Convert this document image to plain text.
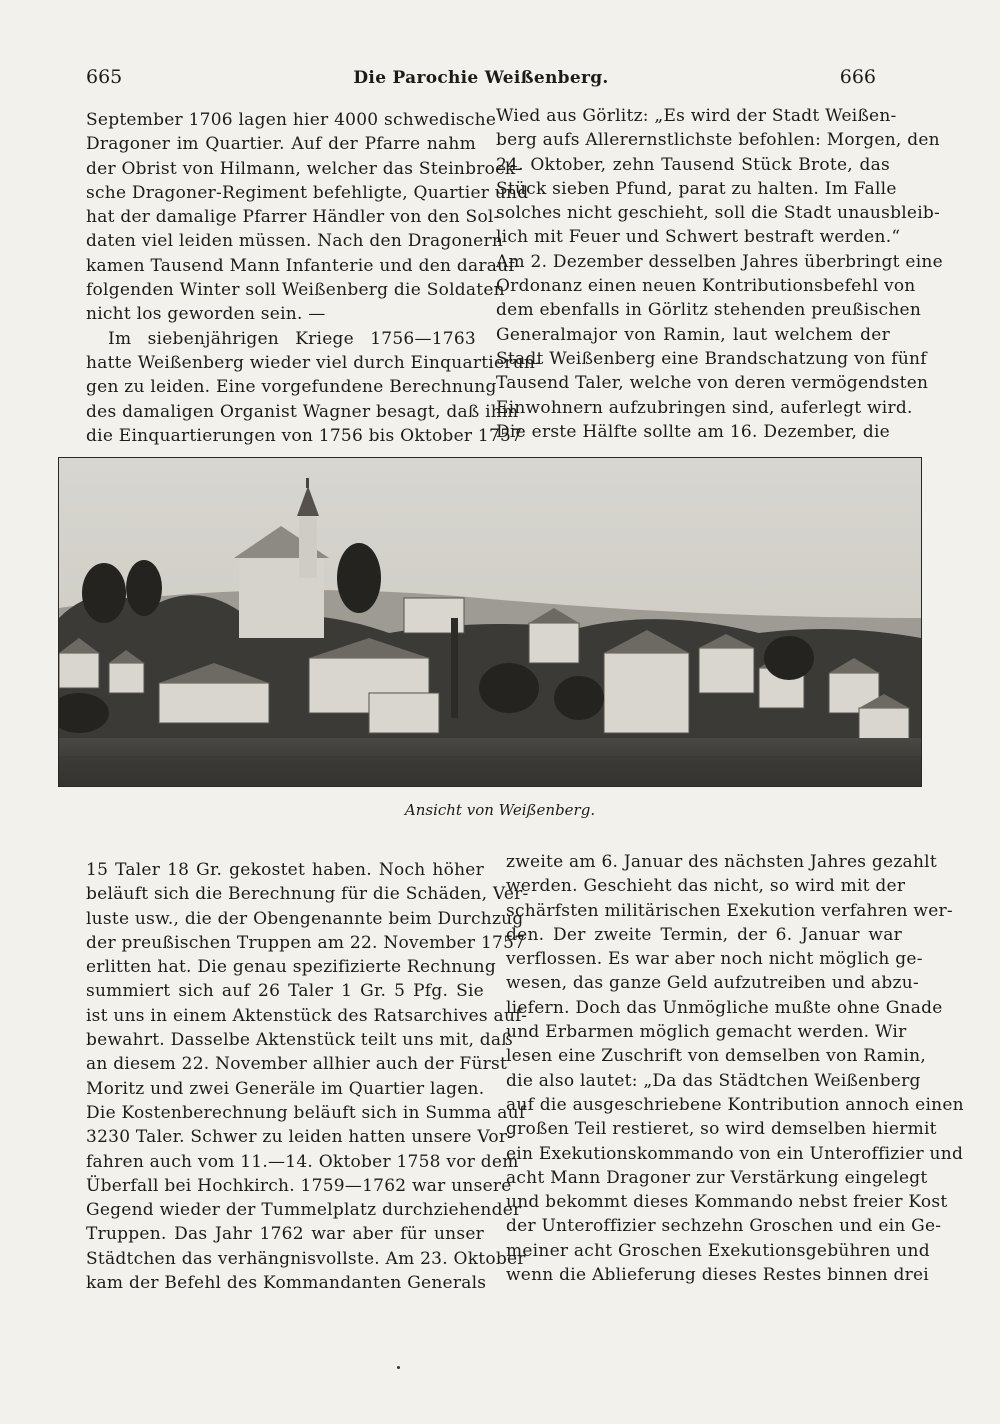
665	Die Parochie Weißenberg.	666

September 1706 lagen hier 4000 schwedische

Dragoner im Quartier. Auf der Pfarre nahm

der Obrist von Hilmann, welcher das Steinbrock-

sche Dragoner-Regiment befehligte, Quartier und

hat der damalige Pfarrer Händler von den Sol-

daten viel leiden müssen. Nach den Dragonern

kamen Tausend Mann Infanterie und den darauf-

folgenden Winter soll Weißenberg die Soldaten

nicht los geworden sein. —

Im siebenjährigen Kriege 1756—1763

hatte Weißenberg wieder viel durch Einquartierun-

gen zu leiden. Eine vorgefundene Berechnung

des damaligen Organist Wagner besagt, daß ihm

die Einquartierungen von 1756 bis Oktober 1757

Wied aus Görlitz: „Es wird der Stadt Weißen-

berg aufs Allerernstlichste befohlen: Morgen, den

24. Oktober, zehn Tausend Stück Brote, das

Stück sieben Pfund, parat zu halten. Im Falle

solches nicht geschieht, soll die Stadt unausbleib-

lich mit Feuer und Schwert bestraft werden.“

Am 2. Dezember desselben Jahres überbringt eine

Ordonanz einen neuen Kontributionsbefehl von

dem ebenfalls in Görlitz stehenden preußischen

Generalmajor von Ramin, laut welchem der

Stadt Weißenberg eine Brandschatzung von fünf

Tausend Taler, welche von deren vermögendsten

Einwohnern aufzubringen sind, auferlegt wird.

Die erste Hälfte sollte am 16. Dezember, die

Ansicht von Weißenberg.

15 Taler 18 Gr. gekostet haben. Noch höher

beläuft sich die Berechnung für die Schäden, Ver-

luste usw., die der Obengenannte beim Durchzug

der preußischen Truppen am 22. November 1757

erlitten hat. Die genau spezifizierte Rechnung

summiert sich auf 26 Taler 1 Gr. 5 Pfg. Sie

ist uns in einem Aktenstück des Ratsarchives auf-

bewahrt. Dasselbe Aktenstück teilt uns mit, daß

an diesem 22. November allhier auch der Fürst

Moritz und zwei Generäle im Quartier lagen.

Die Kostenberechnung beläuft sich in Summa auf

3230 Taler. Schwer zu leiden hatten unsere Vor-

fahren auch vom 11.—14. Oktober 1758 vor dem

Überfall bei Hochkirch. 1759—1762 war unsere

Gegend wieder der Tummelplatz durchziehender

Truppen. Das Jahr 1762 war aber für unser

Städtchen das verhängnisvollste. Am 23. Oktober

kam der Befehl des Kommandanten Generals

zweite am 6. Januar des nächsten Jahres gezahlt

werden. Geschieht das nicht, so wird mit der

schärfsten militärischen Exekution verfahren wer-

den. Der zweite Termin, der 6. Januar war

verflossen. Es war aber noch nicht möglich ge-

wesen, das ganze Geld aufzutreiben und abzu-

liefern. Doch das Unmögliche mußte ohne Gnade

und Erbarmen möglich gemacht werden. Wir

lesen eine Zuschrift von demselben von Ramin,

die also lautet: „Da das Städtchen Weißenberg

auf die ausgeschriebene Kontribution annoch einen

großen Teil restieret, so wird demselben hiermit

ein Exekutionskommando von ein Unteroffizier und

acht Mann Dragoner zur Verstärkung eingelegt

und bekommt dieses Kommando nebst freier Kost

der Unteroffizier sechzehn Groschen und ein Ge-

meiner acht Groschen Exekutionsgebühren und

wenn die Ablieferung dieses Restes binnen drei
